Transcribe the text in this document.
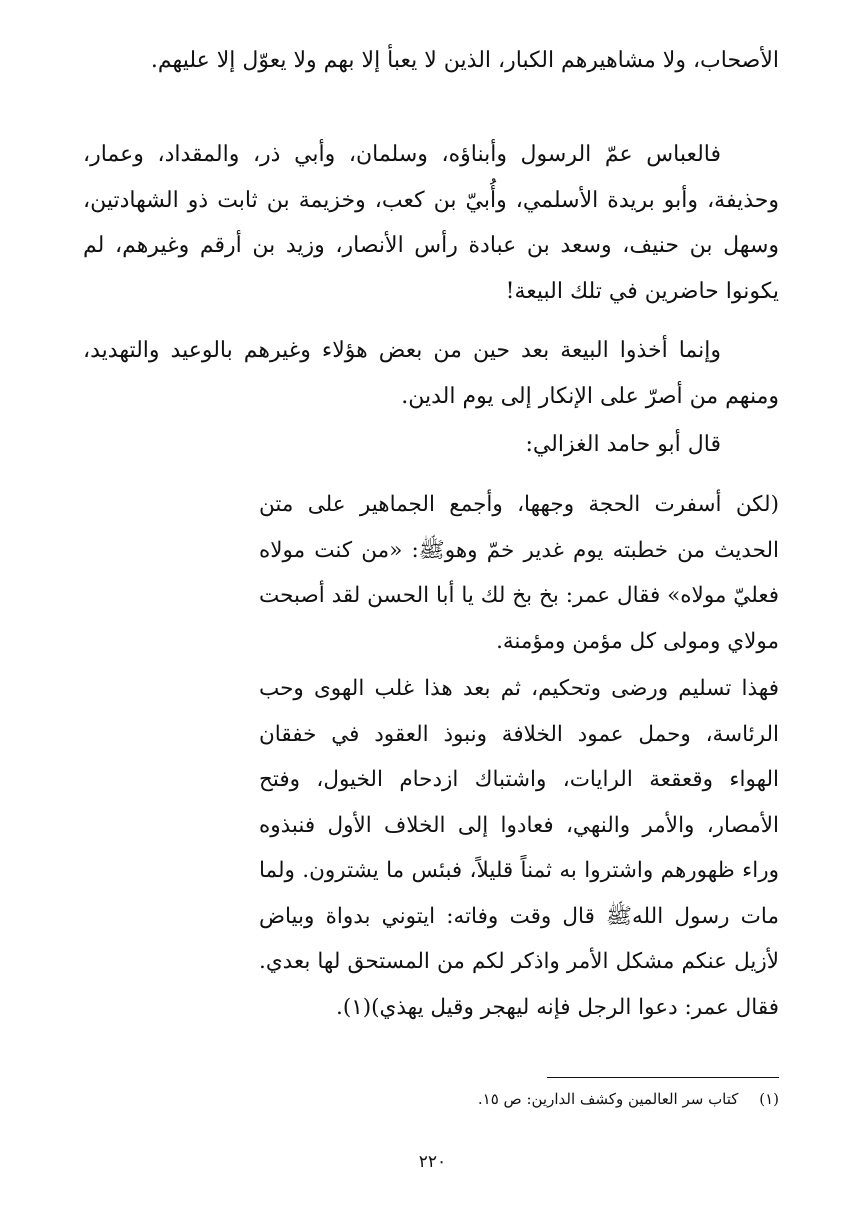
الأصحاب، ولا مشاهيرهم الكبار، الذين لا يعبأ إلا بهم ولا يعوّل إلا عليهم.

فالعباس عمّ الرسول وأبناؤه، وسلمان، وأبي ذر، والمقداد، وعمار، وحذيفة، وأبو بريدة الأسلمي، وأُبيّ بن كعب، وخزيمة بن ثابت ذو الشهادتين، وسهل بن حنيف، وسعد بن عبادة رأس الأنصار، وزيد بن أرقم وغيرهم، لم يكونوا حاضرين في تلك البيعة!

وإنما أخذوا البيعة بعد حين من بعض هؤلاء وغيرهم بالوعيد والتهديد، ومنهم من أصرّ على الإنكار إلى يوم الدين.

قال أبو حامد الغزالي:

(لكن أسفرت الحجة وجهها، وأجمع الجماهير على متن الحديث من خطبته يوم غدير خمّ وهوﷺ: «من كنت مولاه فعليّ مولاه» فقال عمر: بخ بخ لك يا أبا الحسن لقد أصبحت مولاي ومولى كل مؤمن ومؤمنة.

فهذا تسليم ورضى وتحكيم، ثم بعد هذا غلب الهوى وحب الرئاسة، وحمل عمود الخلافة ونبوذ العقود في خفقان الهواء وقعقعة الرايات، واشتباك ازدحام الخيول، وفتح الأمصار، والأمر والنهي، فعادوا إلى الخلاف الأول فنبذوه وراء ظهورهم واشتروا به ثمناً قليلاً، فبئس ما يشترون. ولما مات رسول اللهﷺ قال وقت وفاته: ايتوني بدواة وبياض لأزيل عنكم مشكل الأمر واذكر لكم من المستحق لها بعدي. فقال عمر: دعوا الرجل فإنه ليهجر وقيل يهذي)(١).

(١) كتاب سر العالمين وكشف الدارين: ص ١٥.
٢٢٠
